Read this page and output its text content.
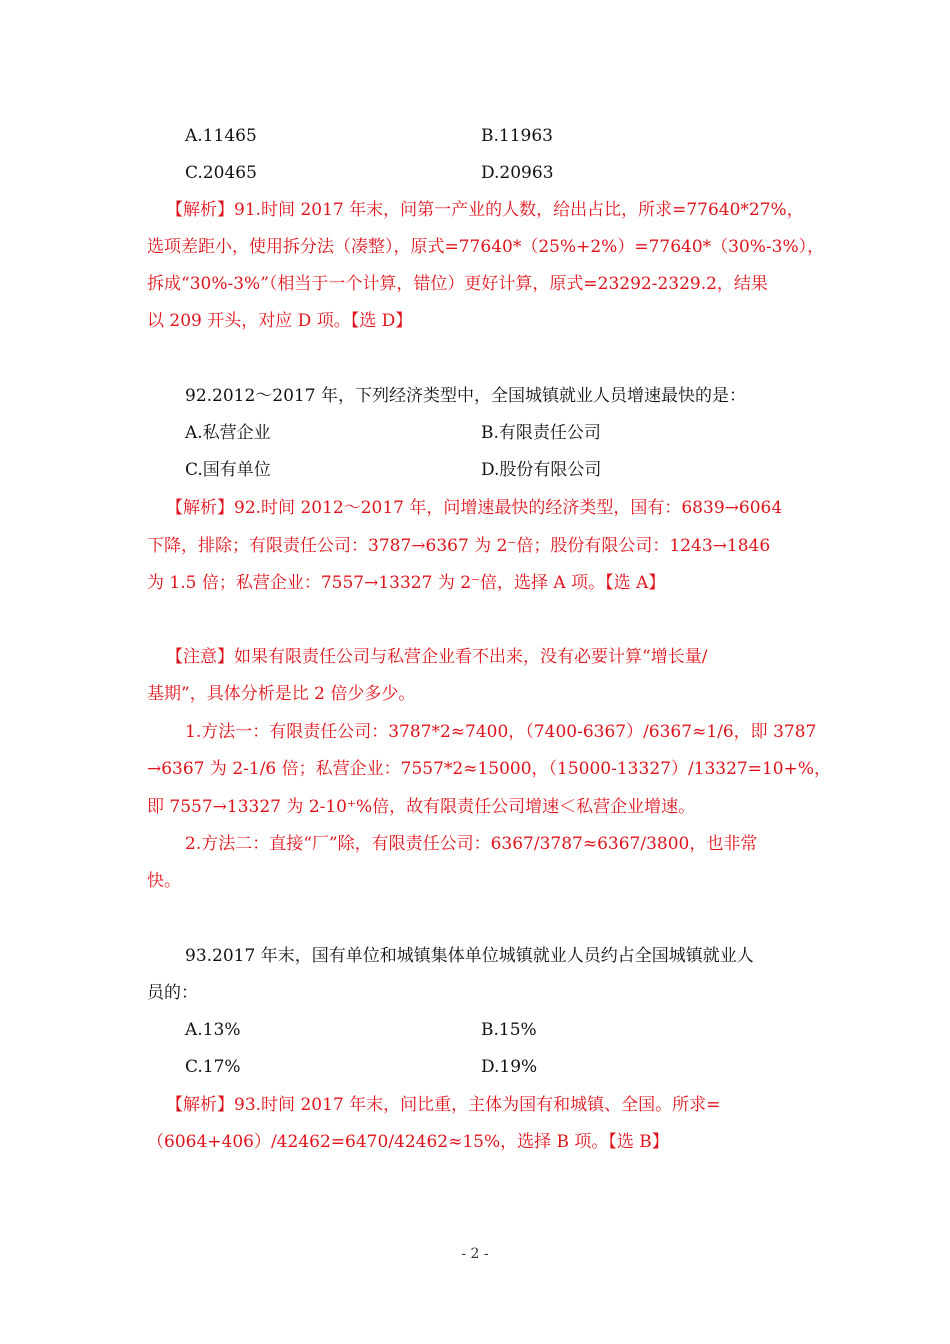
A.11465	B.11963
C.20465	D.20963
【解析】91.时间 2017 年末，问第一产业的人数，给出占比，所求=77640*27%，
选项差距小，使用拆分法（凑整），原式=77640*（25%+2%）=77640*（30%-3%），
拆成“30%-3%”（相当于一个计算，错位）更好计算，原式=23292-2329.2，结果
以 209 开头，对应 D 项。【选 D】
92.2012～2017 年，下列经济类型中，全国城镇就业人员增速最快的是：
A.私营企业	B.有限责任公司
C.国有单位	D.股份有限公司
【解析】92.时间 2012～2017 年，问增速最快的经济类型，国有：6839→6064
下降，排除；有限责任公司：3787→6367 为 2⁻倍；股份有限公司：1243→1846
为 1.5 倍；私营企业：7557→13327 为 2⁻倍，选择 A 项。【选 A】
【注意】如果有限责任公司与私营企业看不出来，没有必要计算“增长量/
基期”，具体分析是比 2 倍少多少。
1.方法一：有限责任公司：3787*2≈7400，（7400-6367）/6367≈1/6，即 3787
→6367 为 2-1/6 倍；私营企业：7557*2≈15000，（15000-13327）/13327=10+%，
即 7557→13327 为 2-10⁺%倍，故有限责任公司增速＜私营企业增速。
2.方法二：直接“厂”除，有限责任公司：6367/3787≈6367/3800，也非常
快。
93.2017 年末，国有单位和城镇集体单位城镇就业人员约占全国城镇就业人
员的：
A.13%	B.15%
C.17%	D.19%
【解析】93.时间 2017 年末，问比重，主体为国有和城镇、全国。所求=
（6064+406）/42462=6470/42462≈15%，选择 B 项。【选 B】
- 2 -
